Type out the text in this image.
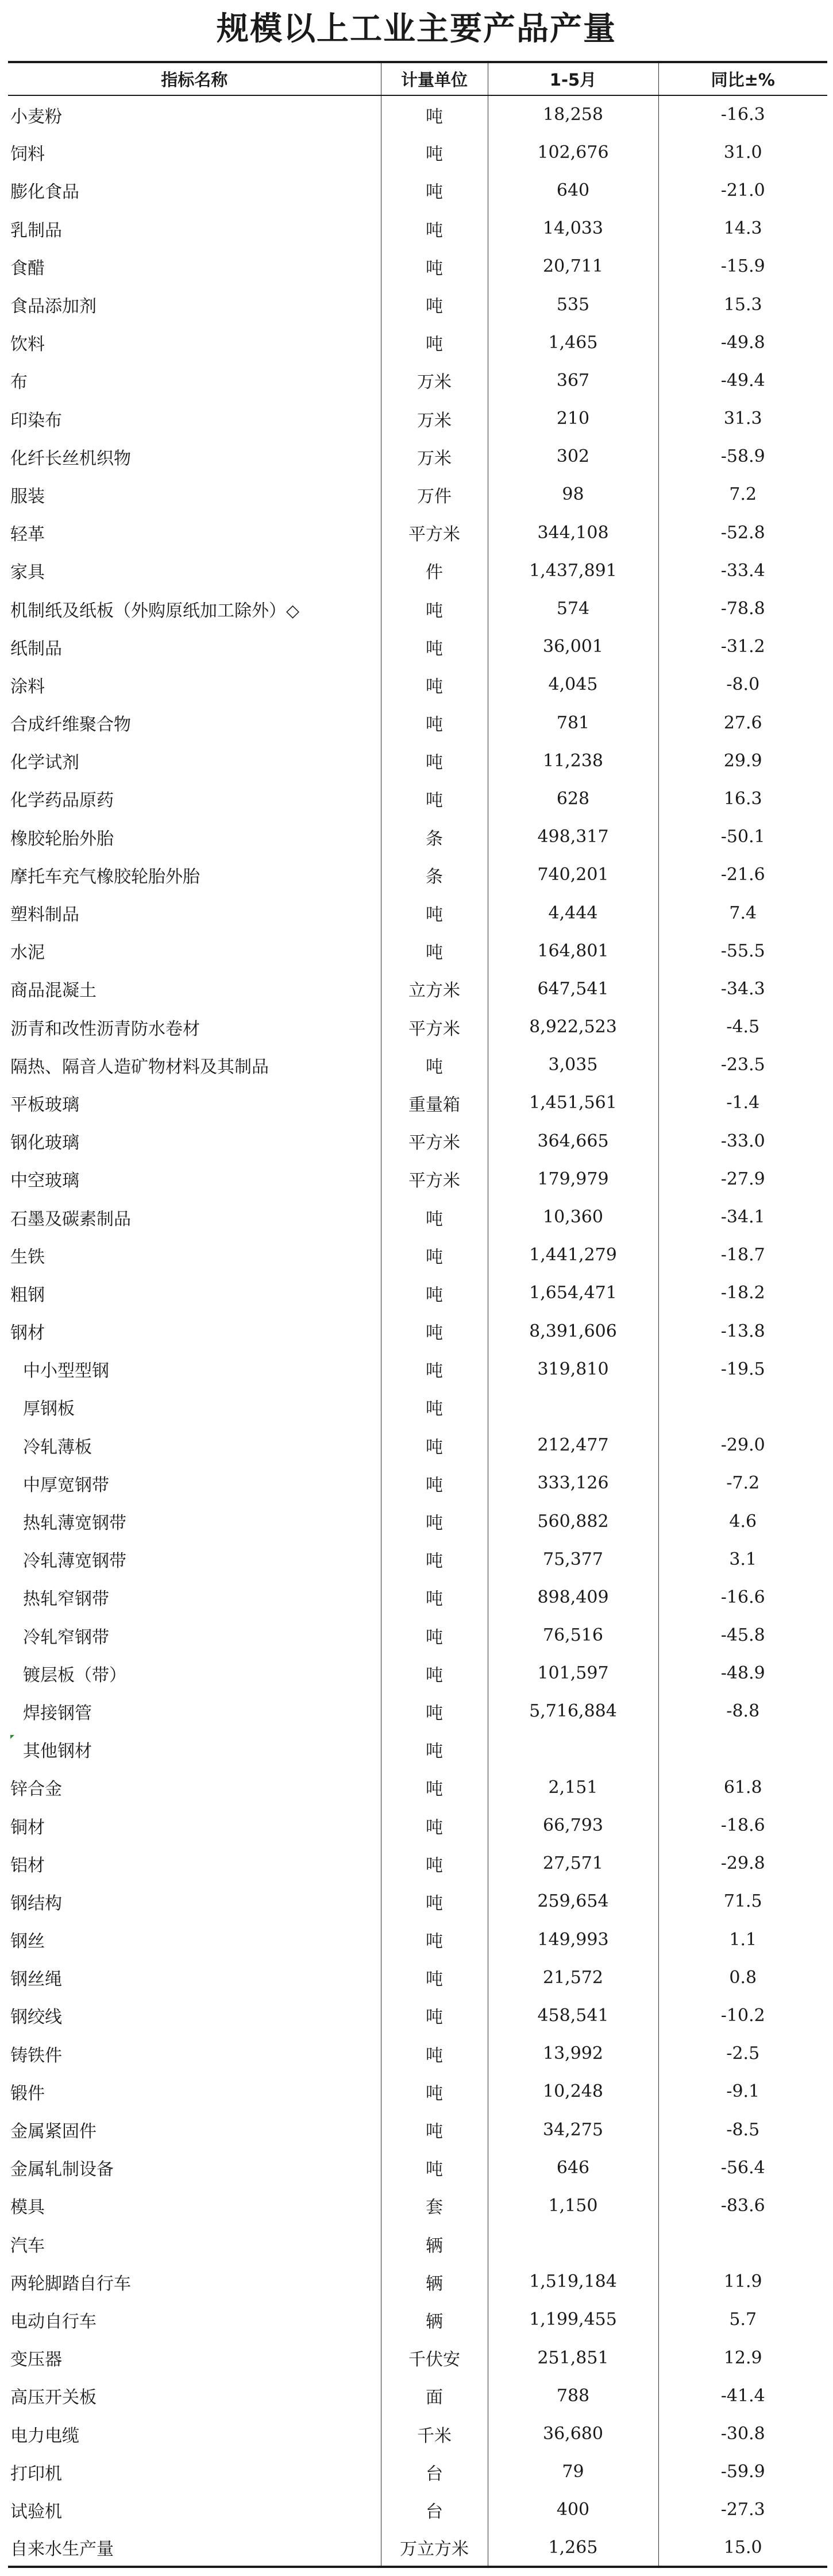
规模以上工业主要产品产量
指标名称	计量单位	1-5月	同比±%
小麦粉	吨	18,258	-16.3
饲料	吨	102,676	31.0
膨化食品	吨	640	-21.0
乳制品	吨	14,033	14.3
食醋	吨	20,711	-15.9
食品添加剂	吨	535	15.3
饮料	吨	1,465	-49.8
布	万米	367	-49.4
印染布	万米	210	31.3
化纤长丝机织物	万米	302	-58.9
服装	万件	98	7.2
轻革	平方米	344,108	-52.8
家具	件	1,437,891	-33.4
机制纸及纸板（外购原纸加工除外）◇	吨	574	-78.8
纸制品	吨	36,001	-31.2
涂料	吨	4,045	-8.0
合成纤维聚合物	吨	781	27.6
化学试剂	吨	11,238	29.9
化学药品原药	吨	628	16.3
橡胶轮胎外胎	条	498,317	-50.1
摩托车充气橡胶轮胎外胎	条	740,201	-21.6
塑料制品	吨	4,444	7.4
水泥	吨	164,801	-55.5
商品混凝土	立方米	647,541	-34.3
沥青和改性沥青防水卷材	平方米	8,922,523	-4.5
隔热、隔音人造矿物材料及其制品	吨	3,035	-23.5
平板玻璃	重量箱	1,451,561	-1.4
钢化玻璃	平方米	364,665	-33.0
中空玻璃	平方米	179,979	-27.9
石墨及碳素制品	吨	10,360	-34.1
生铁	吨	1,441,279	-18.7
粗钢	吨	1,654,471	-18.2
钢材	吨	8,391,606	-13.8
中小型型钢	吨	319,810	-19.5
厚钢板	吨		
冷轧薄板	吨	212,477	-29.0
中厚宽钢带	吨	333,126	-7.2
热轧薄宽钢带	吨	560,882	4.6
冷轧薄宽钢带	吨	75,377	3.1
热轧窄钢带	吨	898,409	-16.6
冷轧窄钢带	吨	76,516	-45.8
镀层板（带）	吨	101,597	-48.9
焊接钢管	吨	5,716,884	-8.8
其他钢材	吨		
锌合金	吨	2,151	61.8
铜材	吨	66,793	-18.6
铝材	吨	27,571	-29.8
钢结构	吨	259,654	71.5
钢丝	吨	149,993	1.1
钢丝绳	吨	21,572	0.8
钢绞线	吨	458,541	-10.2
铸铁件	吨	13,992	-2.5
锻件	吨	10,248	-9.1
金属紧固件	吨	34,275	-8.5
金属轧制设备	吨	646	-56.4
模具	套	1,150	-83.6
汽车	辆		
两轮脚踏自行车	辆	1,519,184	11.9
电动自行车	辆	1,199,455	5.7
变压器	千伏安	251,851	12.9
高压开关板	面	788	-41.4
电力电缆	千米	36,680	-30.8
打印机	台	79	-59.9
试验机	台	400	-27.3
自来水生产量	万立方米	1,265	15.0
